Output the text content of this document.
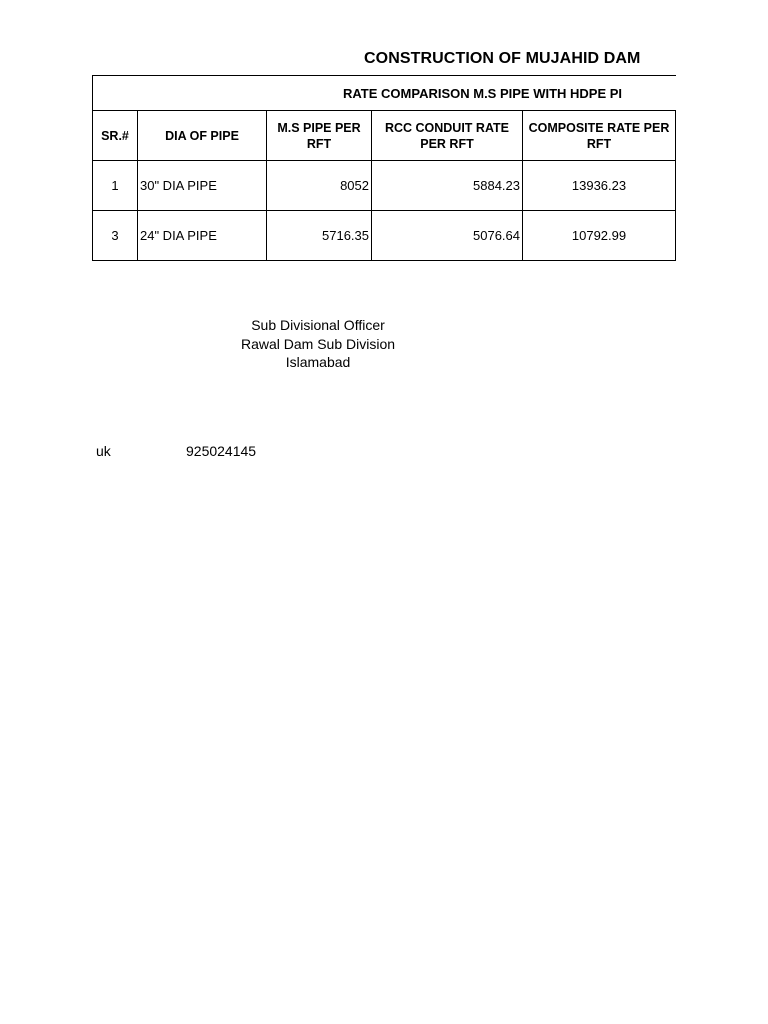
CONSTRUCTION OF MUJAHID DAM
RATE COMPARISON M.S PIPE WITH HDPE PI					
SR.#	DIA OF PIPE	M.S PIPE PER RFT	RCC CONDUIT RATE PER RFT	COMPOSITE RATE PER RFT	
1	30" DIA PIPE	8052	5884.23	13936.23	
3	24" DIA PIPE	5716.35	5076.64	10792.99	
Sub Divisional Officer
Rawal Dam Sub Division
Islamabad
uk	925024145
